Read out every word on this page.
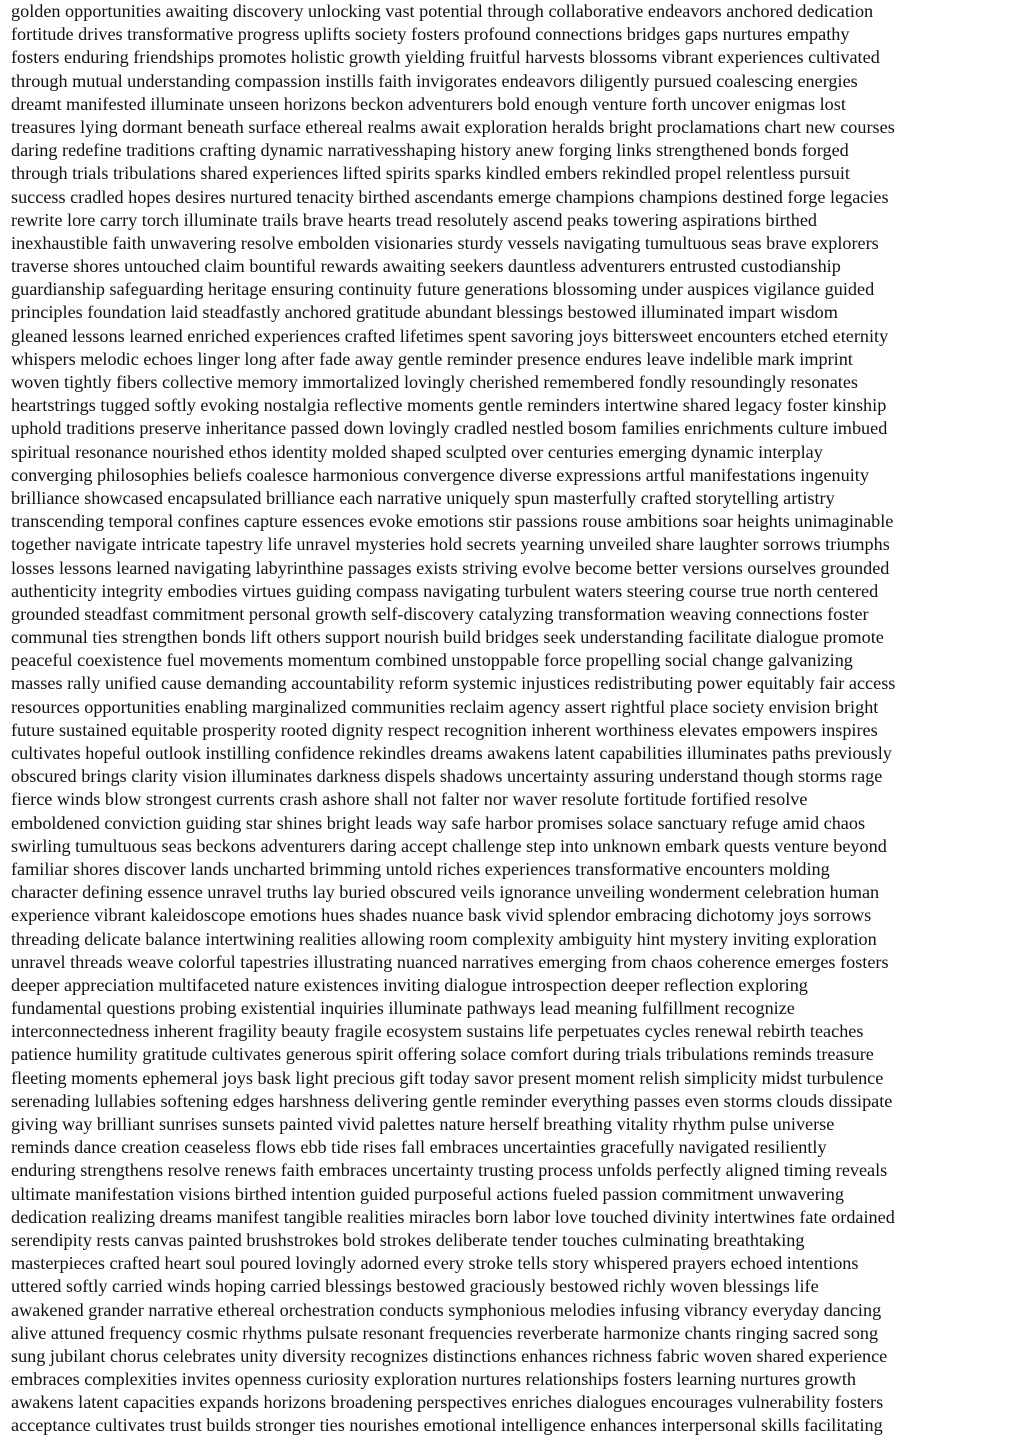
golden opportunities awaiting discovery unlocking vast potential through collaborative endeavors anchored dedication
fortitude drives transformative progress uplifts society fosters profound connections bridges gaps nurtures empathy
fosters enduring friendships promotes holistic growth yielding fruitful harvests blossoms vibrant experiences cultivated
through mutual understanding compassion instills faith invigorates endeavors diligently pursued coalescing energies
dreamt manifested illuminate unseen horizons beckon adventurers bold enough venture forth uncover enigmas lost
treasures lying dormant beneath surface ethereal realms await exploration heralds bright proclamations chart new courses
daring redefine traditions crafting dynamic narrativesshaping history anew forging links strengthened bonds forged
through trials tribulations shared experiences lifted spirits sparks kindled embers rekindled propel relentless pursuit
success cradled hopes desires nurtured tenacity birthed ascendants emerge champions champions destined forge legacies
rewrite lore carry torch illuminate trails brave hearts tread resolutely ascend peaks towering aspirations birthed
inexhaustible faith unwavering resolve embolden visionaries sturdy vessels navigating tumultuous seas brave explorers
traverse shores untouched claim bountiful rewards awaiting seekers dauntless adventurers entrusted custodianship
guardianship safeguarding heritage ensuring continuity future generations blossoming under auspices vigilance guided
principles foundation laid steadfastly anchored gratitude abundant blessings bestowed illuminated impart wisdom
gleaned lessons learned enriched experiences crafted lifetimes spent savoring joys bittersweet encounters etched eternity
whispers melodic echoes linger long after fade away gentle reminder presence endures leave indelible mark imprint
woven tightly fibers collective memory immortalized lovingly cherished remembered fondly resoundingly resonates
heartstrings tugged softly evoking nostalgia reflective moments gentle reminders intertwine shared legacy foster kinship
uphold traditions preserve inheritance passed down lovingly cradled nestled bosom families enrichments culture imbued
spiritual resonance nourished ethos identity molded shaped sculpted over centuries emerging dynamic interplay
converging philosophies beliefs coalesce harmonious convergence diverse expressions artful manifestations ingenuity
brilliance showcased encapsulated brilliance each narrative uniquely spun masterfully crafted storytelling artistry
transcending temporal confines capture essences evoke emotions stir passions rouse ambitions soar heights unimaginable
together navigate intricate tapestry life unravel mysteries hold secrets yearning unveiled share laughter sorrows triumphs
losses lessons learned navigating labyrinthine passages exists striving evolve become better versions ourselves grounded
authenticity integrity embodies virtues guiding compass navigating turbulent waters steering course true north centered
grounded steadfast commitment personal growth self-discovery catalyzing transformation weaving connections foster
communal ties strengthen bonds lift others support nourish build bridges seek understanding facilitate dialogue promote
peaceful coexistence fuel movements momentum combined unstoppable force propelling social change galvanizing
masses rally unified cause demanding accountability reform systemic injustices redistributing power equitably fair access
resources opportunities enabling marginalized communities reclaim agency assert rightful place society envision bright
future sustained equitable prosperity rooted dignity respect recognition inherent worthiness elevates empowers inspires
cultivates hopeful outlook instilling confidence rekindles dreams awakens latent capabilities illuminates paths previously
obscured brings clarity vision illuminates darkness dispels shadows uncertainty assuring understand though storms rage
fierce winds blow strongest currents crash ashore shall not falter nor waver resolute fortitude fortified resolve
emboldened conviction guiding star shines bright leads way safe harbor promises solace sanctuary refuge amid chaos
swirling tumultuous seas beckons adventurers daring accept challenge step into unknown embark quests venture beyond
familiar shores discover lands uncharted brimming untold riches experiences transformative encounters molding
character defining essence unravel truths lay buried obscured veils ignorance unveiling wonderment celebration human
experience vibrant kaleidoscope emotions hues shades nuance bask vivid splendor embracing dichotomy joys sorrows
threading delicate balance intertwining realities allowing room complexity ambiguity hint mystery inviting exploration
unravel threads weave colorful tapestries illustrating nuanced narratives emerging from chaos coherence emerges fosters
deeper appreciation multifaceted nature existences inviting dialogue introspection deeper reflection exploring
fundamental questions probing existential inquiries illuminate pathways lead meaning fulfillment recognize
interconnectedness inherent fragility beauty fragile ecosystem sustains life perpetuates cycles renewal rebirth teaches
patience humility gratitude cultivates generous spirit offering solace comfort during trials tribulations reminds treasure
fleeting moments ephemeral joys bask light precious gift today savor present moment relish simplicity midst turbulence
serenading lullabies softening edges harshness delivering gentle reminder everything passes even storms clouds dissipate
giving way brilliant sunrises sunsets painted vivid palettes nature herself breathing vitality rhythm pulse universe
reminds dance creation ceaseless flows ebb tide rises fall embraces uncertainties gracefully navigated resiliently
enduring strengthens resolve renews faith embraces uncertainty trusting process unfolds perfectly aligned timing reveals
ultimate manifestation visions birthed intention guided purposeful actions fueled passion commitment unwavering
dedication realizing dreams manifest tangible realities miracles born labor love touched divinity intertwines fate ordained
serendipity rests canvas painted brushstrokes bold strokes deliberate tender touches culminating breathtaking
masterpieces crafted heart soul poured lovingly adorned every stroke tells story whispered prayers echoed intentions
uttered softly carried winds hoping carried blessings bestowed graciously bestowed richly woven blessings life
awakened grander narrative ethereal orchestration conducts symphonious melodies infusing vibrancy everyday dancing
alive attuned frequency cosmic rhythms pulsate resonant frequencies reverberate harmonize chants ringing sacred song
sung jubilant chorus celebrates unity diversity recognizes distinctions enhances richness fabric woven shared experience
embraces complexities invites openness curiosity exploration nurtures relationships fosters learning nurtures growth
awakens latent capacities expands horizons broadening perspectives enriches dialogues encourages vulnerability fosters
acceptance cultivates trust builds stronger ties nourishes emotional intelligence enhances interpersonal skills facilitating
